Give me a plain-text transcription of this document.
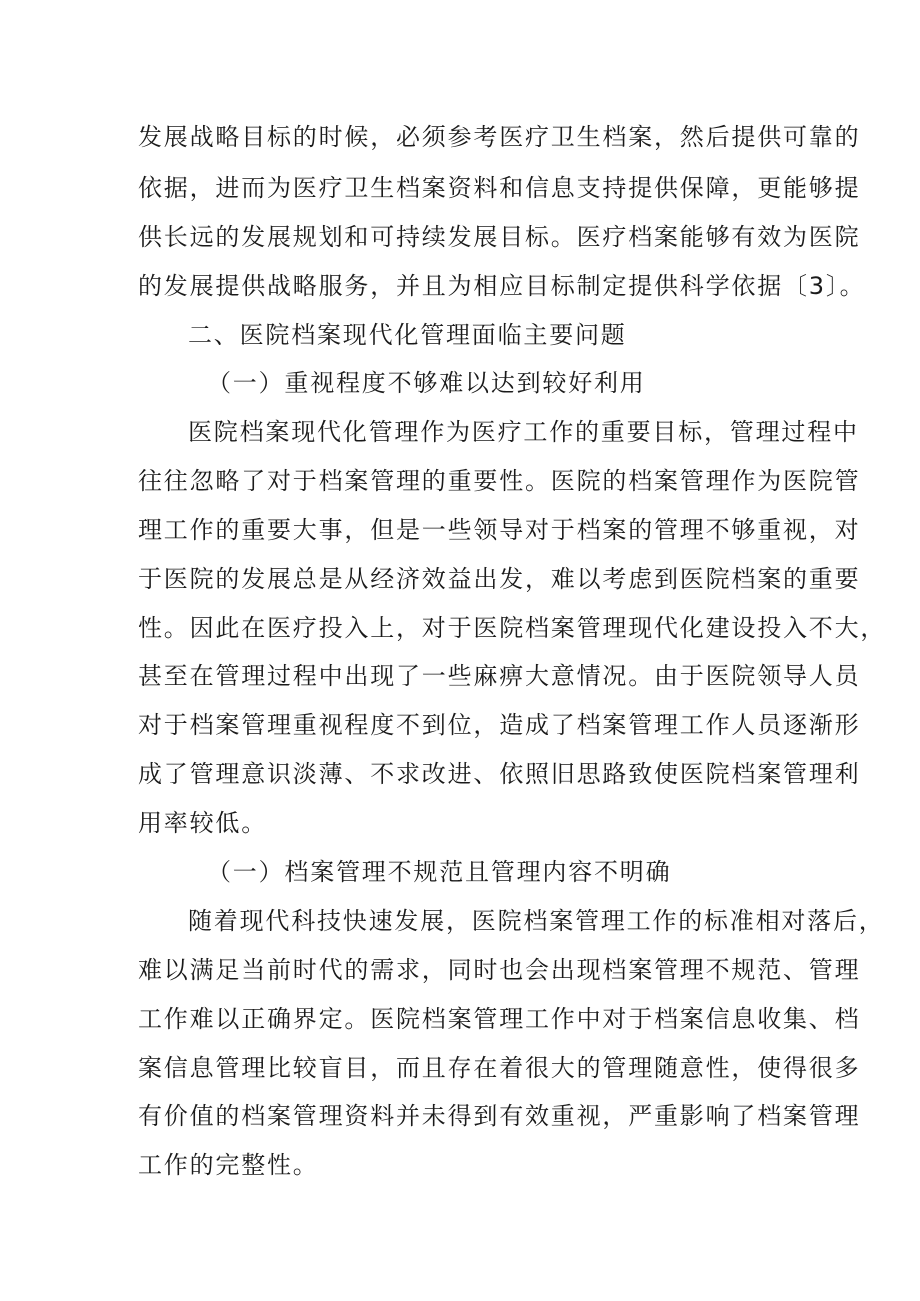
发展战略目标的时候，必须参考医疗卫生档案，然后提供可靠的
依据，进而为医疗卫生档案资料和信息支持提供保障，更能够提
供长远的发展规划和可持续发展目标。医疗档案能够有效为医院
的发展提供战略服务，并且为相应目标制定提供科学依据〔3〕。
二、医院档案现代化管理面临主要问题
（一）重视程度不够难以达到较好利用
医院档案现代化管理作为医疗工作的重要目标，管理过程中
往往忽略了对于档案管理的重要性。医院的档案管理作为医院管
理工作的重要大事，但是一些领导对于档案的管理不够重视，对
于医院的发展总是从经济效益出发，难以考虑到医院档案的重要
性。因此在医疗投入上，对于医院档案管理现代化建设投入不大，
甚至在管理过程中出现了一些麻痹大意情况。由于医院领导人员
对于档案管理重视程度不到位，造成了档案管理工作人员逐渐形
成了管理意识淡薄、不求改进、依照旧思路致使医院档案管理利
用率较低。
（一）档案管理不规范且管理内容不明确
随着现代科技快速发展，医院档案管理工作的标准相对落后，
难以满足当前时代的需求，同时也会出现档案管理不规范、管理
工作难以正确界定。医院档案管理工作中对于档案信息收集、档
案信息管理比较盲目，而且存在着很大的管理随意性，使得很多
有价值的档案管理资料并未得到有效重视，严重影响了档案管理
工作的完整性。
